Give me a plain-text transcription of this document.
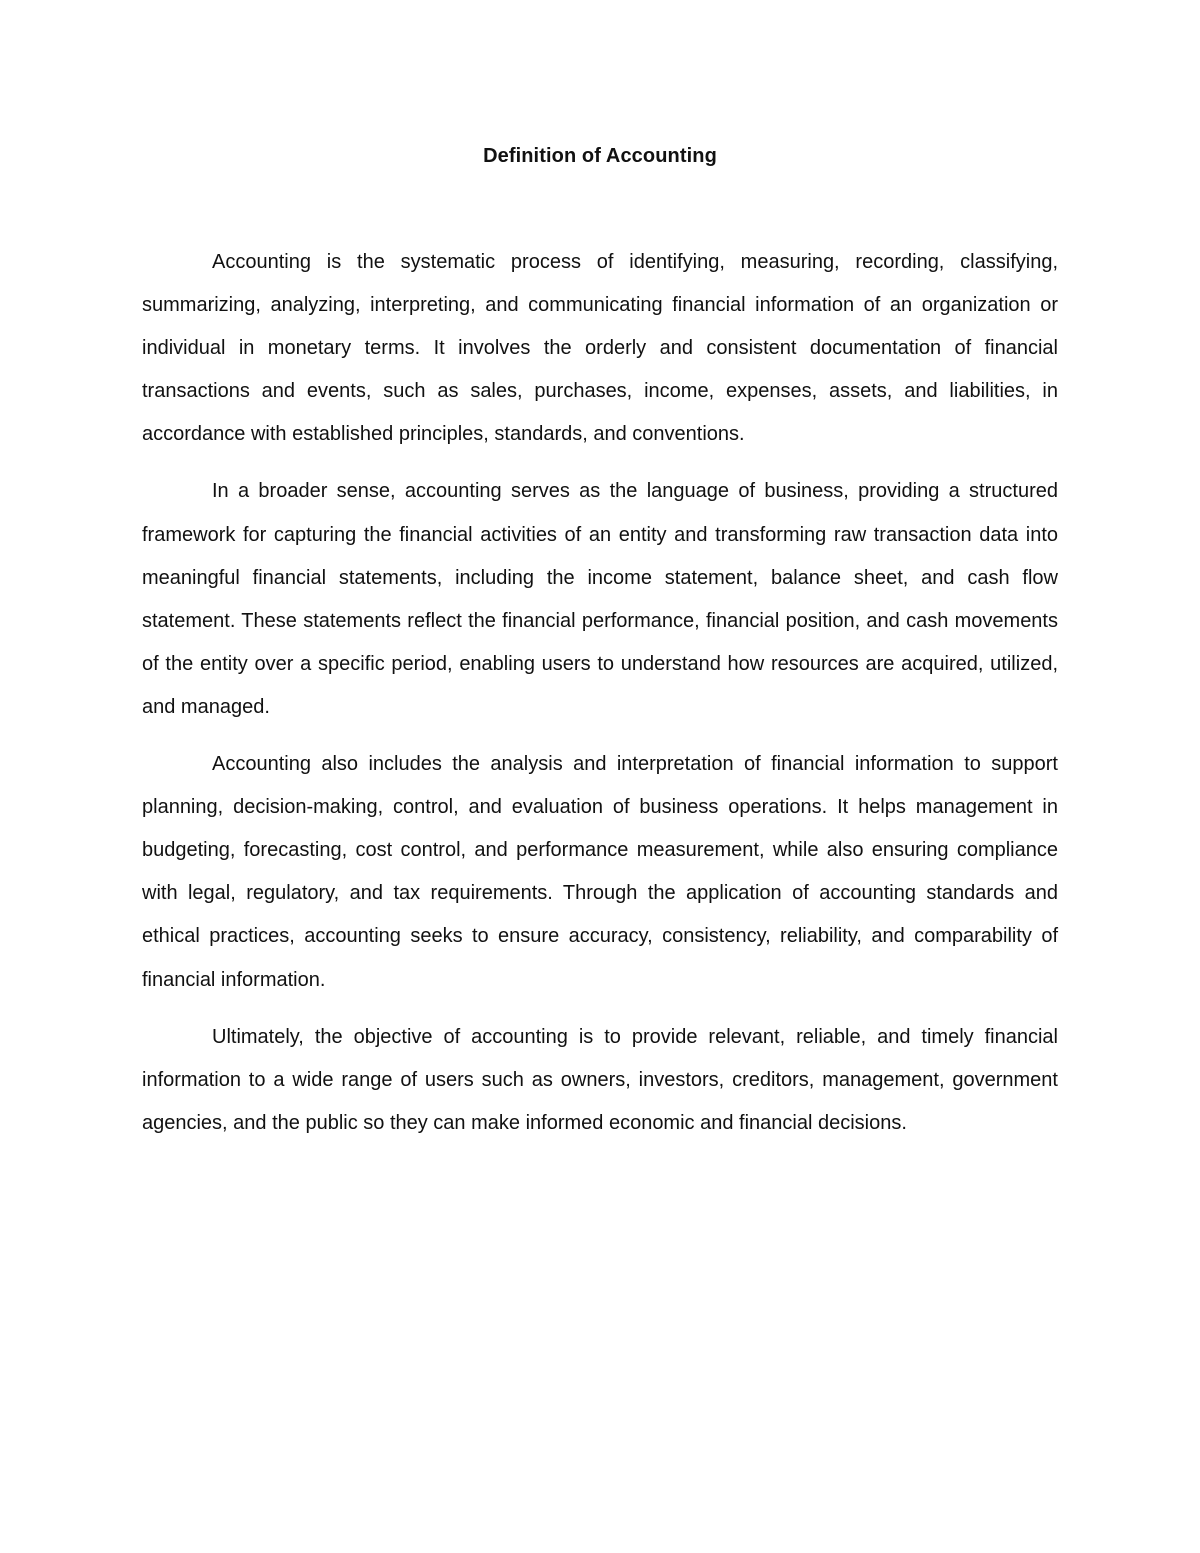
Definition of Accounting

Accounting is the systematic process of identifying, measuring, recording, classifying, summarizing, analyzing, interpreting, and communicating financial information of an organization or individual in monetary terms. It involves the orderly and consistent documentation of financial transactions and events, such as sales, purchases, income, expenses, assets, and liabilities, in accordance with established principles, standards, and conventions.

In a broader sense, accounting serves as the language of business, providing a structured framework for capturing the financial activities of an entity and transforming raw transaction data into meaningful financial statements, including the income statement, balance sheet, and cash flow statement. These statements reflect the financial performance, financial position, and cash movements of the entity over a specific period, enabling users to understand how resources are acquired, utilized, and managed.

Accounting also includes the analysis and interpretation of financial information to support planning, decision-making, control, and evaluation of business operations. It helps management in budgeting, forecasting, cost control, and performance measurement, while also ensuring compliance with legal, regulatory, and tax requirements. Through the application of accounting standards and ethical practices, accounting seeks to ensure accuracy, consistency, reliability, and comparability of financial information.

Ultimately, the objective of accounting is to provide relevant, reliable, and timely financial information to a wide range of users such as owners, investors, creditors, management, government agencies, and the public so they can make informed economic and financial decisions.
